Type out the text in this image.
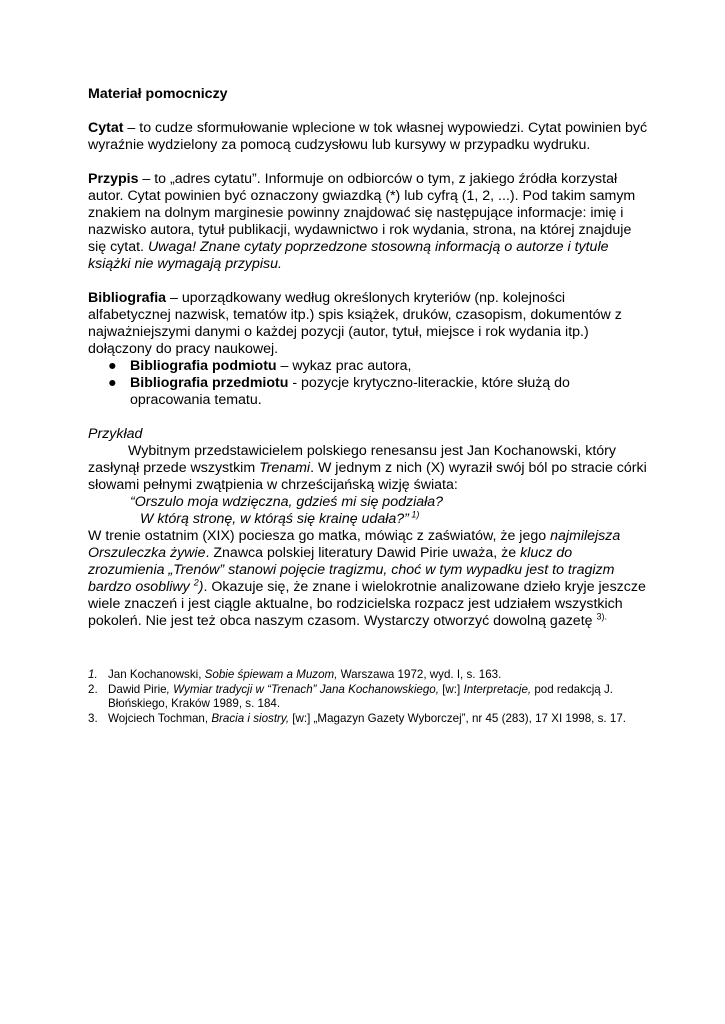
Materiał pomocniczy

Cytat – to cudze sformułowanie wplecione w tok własnej wypowiedzi. Cytat powinien być wyraźnie wydzielony za pomocą cudzysłowu lub kursywy w przypadku wydruku.

Przypis – to „adres cytatu”. Informuje on odbiorców o tym, z jakiego źródła korzystał autor. Cytat powinien być oznaczony gwiazdką (*) lub cyfrą (1, 2, ...). Pod takim samym znakiem na dolnym marginesie powinny znajdować się następujące informacje: imię i nazwisko autora, tytuł publikacji, wydawnictwo i rok wydania, strona, na której znajduje się cytat. Uwaga! Znane cytaty poprzedzone stosowną informacją o autorze i tytule książki nie wymagają przypisu.

Bibliografia – uporządkowany według określonych kryteriów (np. kolejności alfabetycznej nazwisk, tematów itp.) spis książek, druków, czasopism, dokumentów z najważniejszymi danymi o każdej pozycji (autor, tytuł, miejsce i rok wydania itp.) dołączony do pracy naukowej.

● Bibliografia podmiotu – wykaz prac autora,
● Bibliografia przedmiotu - pozycje krytyczno-literackie, które służą do opracowania tematu.

Przykład

Wybitnym przedstawicielem polskiego renesansu jest Jan Kochanowski, który zasłynął przede wszystkim Trenami. W jednym z nich (X) wyraził swój ból po stracie córki słowami pełnymi zwątpienia w chrześcijańską wizję świata:

“Orszulo moja wdzięczna, gdzieś mi się podziała?

W którą stronę, w którąś się krainę udała?” $^{1)}$

W trenie ostatnim (XIX) pociesza go matka, mówiąc z zaświatów, że jego najmilejsza Orszuleczka żywie. Znawca polskiej literatury Dawid Pirie uważa, że klucz do zrozumienia „Trenów” stanowi pojęcie tragizmu, choć w tym wypadku jest to tragizm bardzo osobliwy $^2$). Okazuje się, że znane i wielokrotnie analizowane dzieło kryje jeszcze wiele znaczeń i jest ciągle aktualne, bo rodzicielska rozpacz jest udziałem wszystkich pokoleń. Nie jest też obca naszym czasom. Wystarczy otworzyć dowolną gazetę $^{3).}$

1. Jan Kochanowski, Sobie śpiewam a Muzom, Warszawa 1972, wyd. I, s. 163.
2. Dawid Pirie, Wymiar tradycji w “Trenach” Jana Kochanowskiego, [w:] Interpretacje, pod redakcją J. Błońskiego, Kraków 1989, s. 184.
3. Wojciech Tochman, Bracia i siostry, [w:] „Magazyn Gazety Wyborczej”, nr 45 (283), 17 XI 1998, s. 17.
